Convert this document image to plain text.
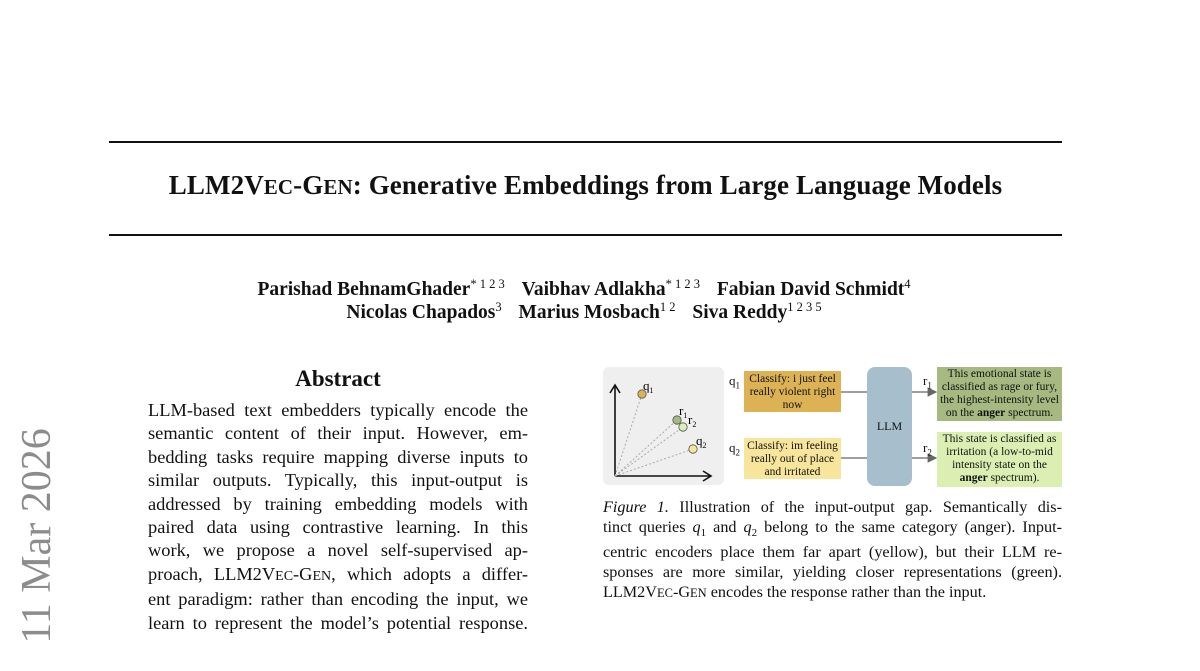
LLM2VEC-GEN: Generative Embeddings from Large Language Models
Parishad BehnamGhader$^{* 1 2 3}$ Vaibhav Adlakha$^{* 1 2 3}$ Fabian David Schmidt$^4$
Nicolas Chapados$^3$ Marius Mosbach$^{1 2}$ Siva Reddy$^{1 2 3 5}$
11 Mar 2026
Abstract
LLM-based text embedders typically encode the
semantic content of their input. However, em-
bedding tasks require mapping diverse inputs to
similar outputs. Typically, this input-output is
addressed by training embedding models with
paired data using contrastive learning. In this
work, we propose a novel self-supervised ap-
proach, LLM2VEC-GEN, which adopts a differ-
ent paradigm: rather than encoding the input, we
learn to represent the model’s potential response.
$q_1$
$r_1$ $r_2$
$q_2$
$q_1$
$q_2$
Classify: i just feel really violent right now
Classify: im feeling really out of place and irritated
LLM
$r_1$
$r_2$
This emotional state is classified as rage or fury, the highest-intensity level on the anger spectrum.
This state is classified as irritation (a low-to-mid intensity state on the anger spectrum).
Figure 1. Illustration of the input-output gap. Semantically dis-
tinct queries $q_1$ and $q_2$ belong to the same category (anger). Input-
centric encoders place them far apart (yellow), but their LLM re-
sponses are more similar, yielding closer representations (green).
LLM2VEC-GEN encodes the response rather than the input.
